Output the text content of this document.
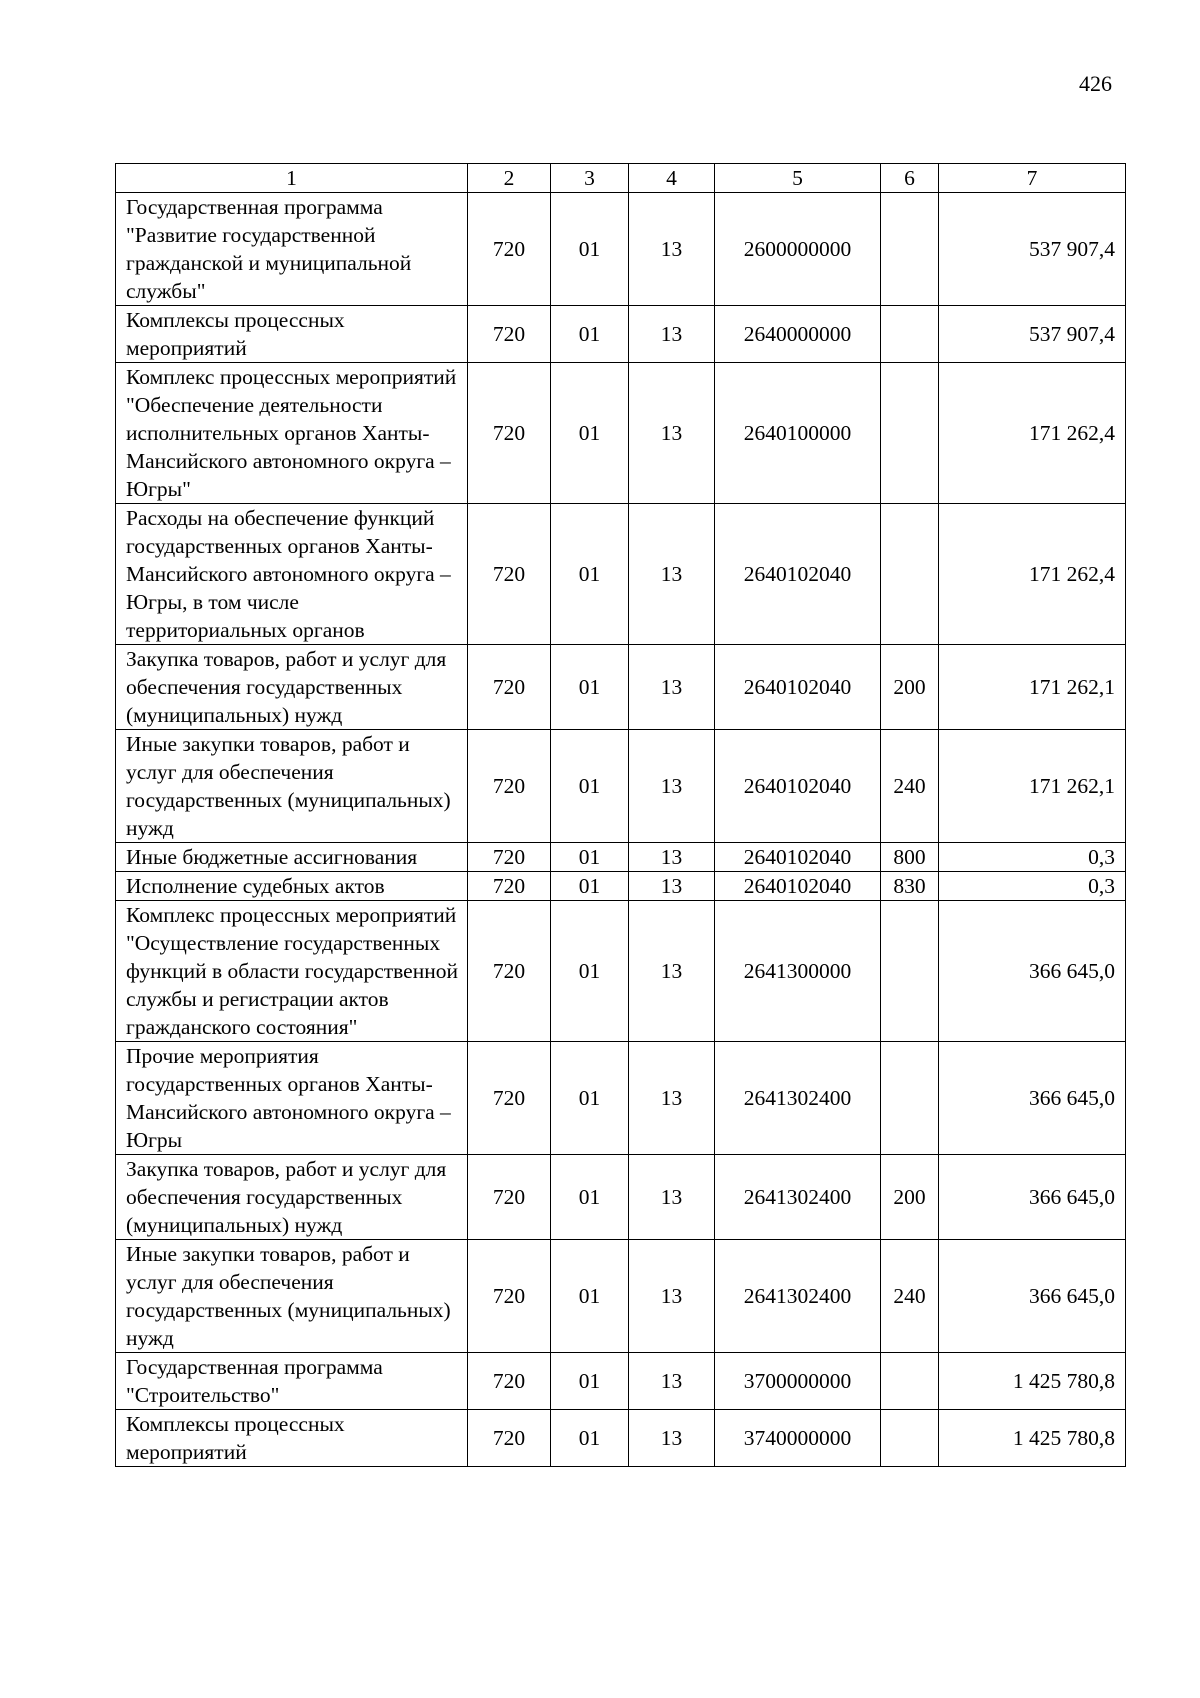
426
1	2	3	4	5	6	7
Государственная программа "Развитие государственной гражданской и муниципальной службы"	720	01	13	2600000000		537 907,4
Комплексы процессных мероприятий	720	01	13	2640000000		537 907,4
Комплекс процессных мероприятий "Обеспечение деятельности исполнительных органов Ханты-Мансийского автономного округа – Югры"	720	01	13	2640100000		171 262,4
Расходы на обеспечение функций государственных органов Ханты-Мансийского автономного округа – Югры, в том числе территориальных органов	720	01	13	2640102040		171 262,4
Закупка товаров, работ и услуг для обеспечения государственных (муниципальных) нужд	720	01	13	2640102040	200	171 262,1
Иные закупки товаров, работ и услуг для обеспечения государственных (муниципальных) нужд	720	01	13	2640102040	240	171 262,1
Иные бюджетные ассигнования	720	01	13	2640102040	800	0,3
Исполнение судебных актов	720	01	13	2640102040	830	0,3
Комплекс процессных мероприятий "Осуществление государственных функций в области государственной службы и регистрации актов гражданского состояния"	720	01	13	2641300000		366 645,0
Прочие мероприятия государственных органов Ханты-Мансийского автономного округа – Югры	720	01	13	2641302400		366 645,0
Закупка товаров, работ и услуг для обеспечения государственных (муниципальных) нужд	720	01	13	2641302400	200	366 645,0
Иные закупки товаров, работ и услуг для обеспечения государственных (муниципальных) нужд	720	01	13	2641302400	240	366 645,0
Государственная программа "Строительство"	720	01	13	3700000000		1 425 780,8
Комплексы процессных мероприятий	720	01	13	3740000000		1 425 780,8
